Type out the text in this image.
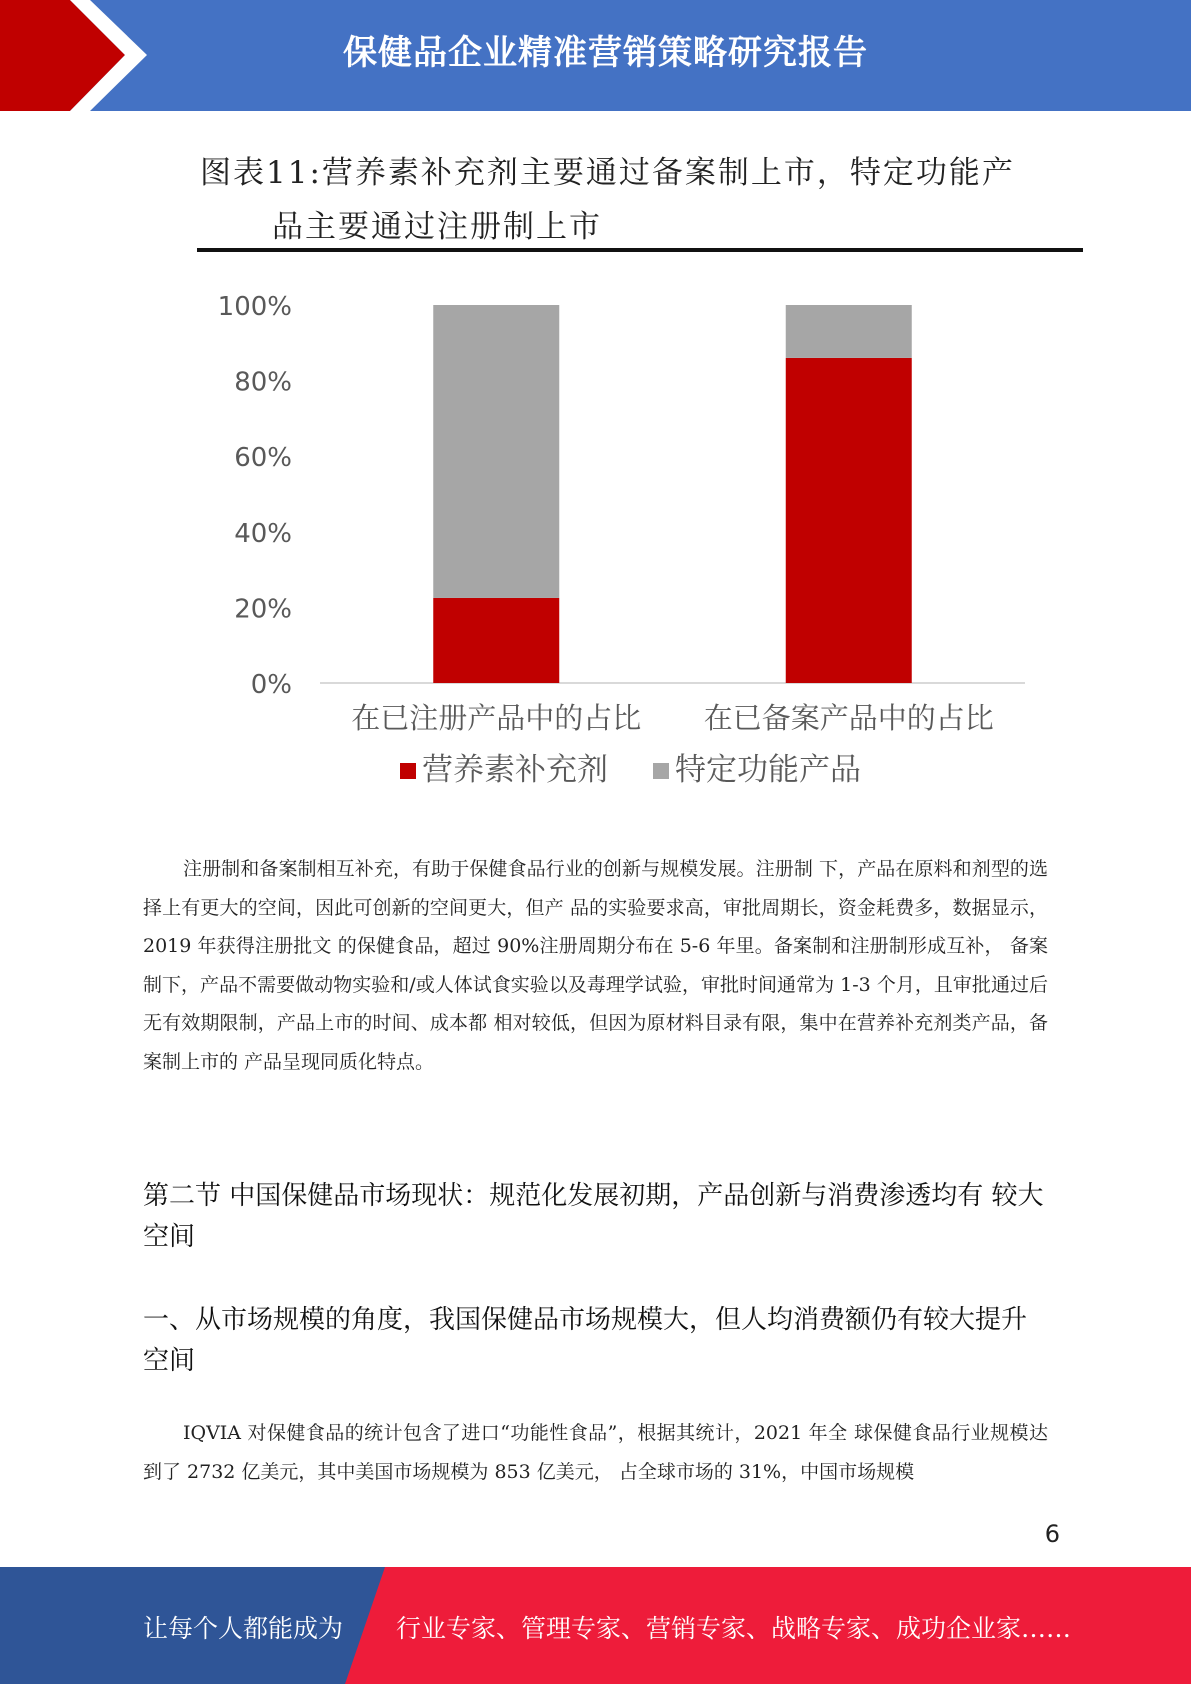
保健品企业精准营销策略研究报告
图表11:营养素补充剂主要通过备案制上市，特定功能产
品主要通过注册制上市
0%
20%
40%
60%
80%
100%
在已注册产品中的占比 在已备案产品中的占比
营养素补充剂 特定功能产品
注册制和备案制相互补充，有助于保健食品行业的创新与规模发展。注册制 下，产品在原料和剂型的选择上有更大的空间，因此可创新的空间更大，但产 品的实验要求高，审批周期长，资金耗费多，数据显示，2019 年获得注册批文 的保健食品，超过 90%注册周期分布在 5-6 年里。备案制和注册制形成互补， 备案制下，产品不需要做动物实验和/或人体试食实验以及毒理学试验，审批时间通常为 1-3 个月，且审批通过后无有效期限制，产品上市的时间、成本都 相对较低，但因为原材料目录有限，集中在营养补充剂类产品，备案制上市的 产品呈现同质化特点。
第二节 中国保健品市场现状：规范化发展初期，产品创新与消费渗透均有 较大空间
一、从市场规模的角度，我国保健品市场规模大，但人均消费额仍有较大提升 空间
IQVIA 对保健食品的统计包含了进口“功能性食品”，根据其统计，2021 年全 球保健食品行业规模达到了 2732 亿美元，其中美国市场规模为 853 亿美元， 占全球市场的 31%，中国市场规模
6
让每个人都能成为 行业专家、管理专家、营销专家、战略专家、成功企业家……
